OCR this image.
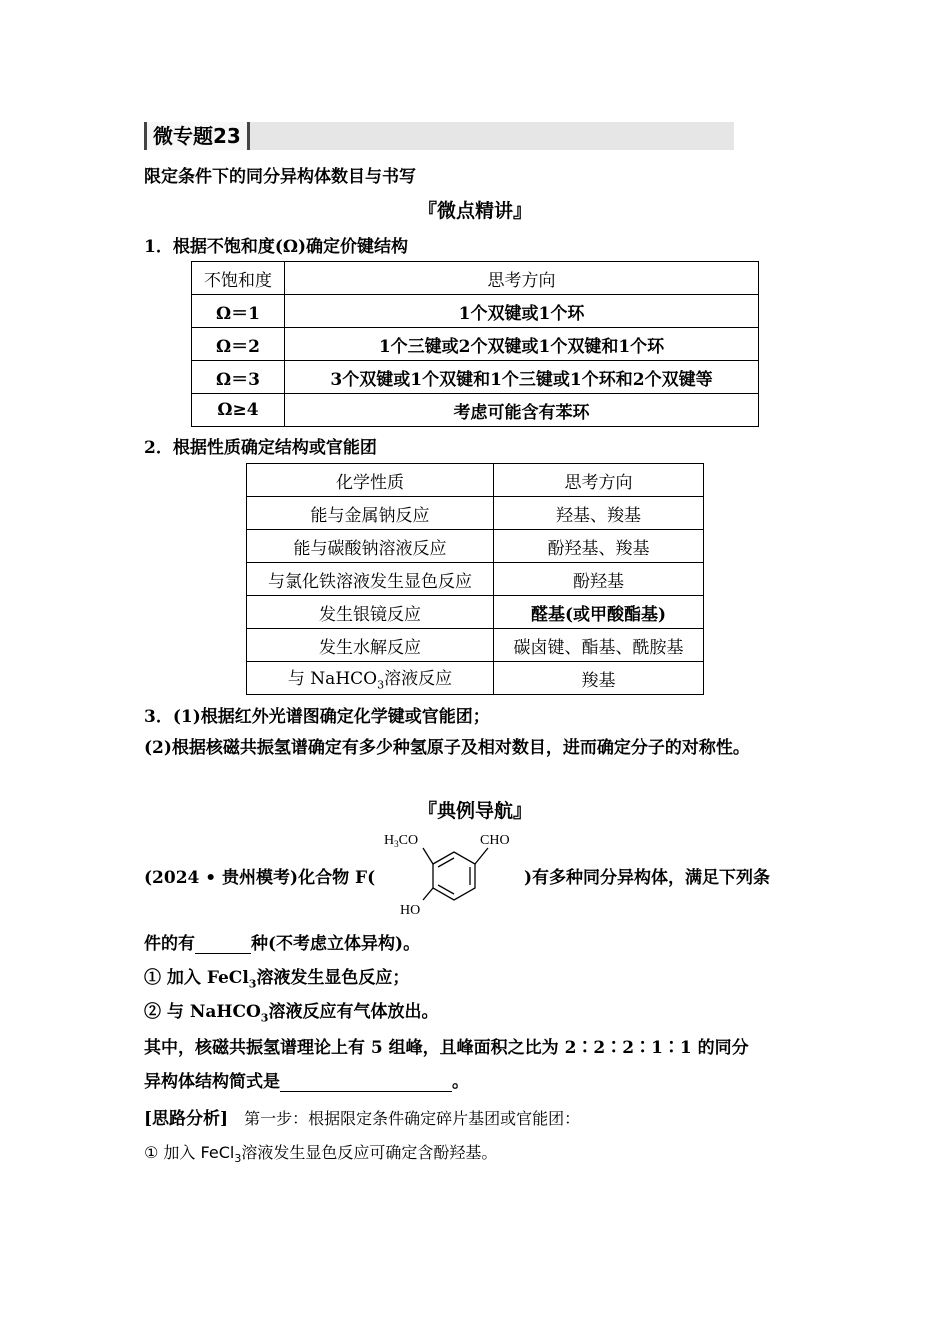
微专题23
限定条件下的同分异构体数目与书写
『微点精讲』
1．根据不饱和度(Ω)确定价键结构
不饱和度	思考方向
Ω＝1	1个双键或1个环
Ω＝2	1个三键或2个双键或1个双键和1个环
Ω＝3	3个双键或1个双键和1个三键或1个环和2个双键等
Ω≥4	考虑可能含有苯环
2．根据性质确定结构或官能团
化学性质	思考方向
能与金属钠反应	羟基、羧基
能与碳酸钠溶液反应	酚羟基、羧基
与氯化铁溶液发生显色反应	酚羟基
发生银镜反应	醛基(或甲酸酯基)
发生水解反应	碳卤键、酯基、酰胺基
与 NaHCO$_3$溶液反应	羧基
3．(1)根据红外光谱图确定化学键或官能团；
(2)根据核磁共振氢谱确定有多少种氢原子及相对数目，进而确定分子的对称性。
『典例导航』
(2024 • 贵州模考)化合物 F(
$H_3CO$	CHO
HO
)有多种同分异构体，满足下列条
件的有	种(不考虑立体异构)。
① 加入 FeCl$_3$溶液发生显色反应；
② 与 NaHCO$_3$溶液反应有气体放出。
其中，核磁共振氢谱理论上有 5 组峰，且峰面积之比为 2∶2∶2∶1∶1 的同分
异构体结构简式是	。
[思路分析] 第一步：根据限定条件确定碎片基团或官能团：
① 加入 FeCl$_3$溶液发生显色反应可确定含酚羟基。
